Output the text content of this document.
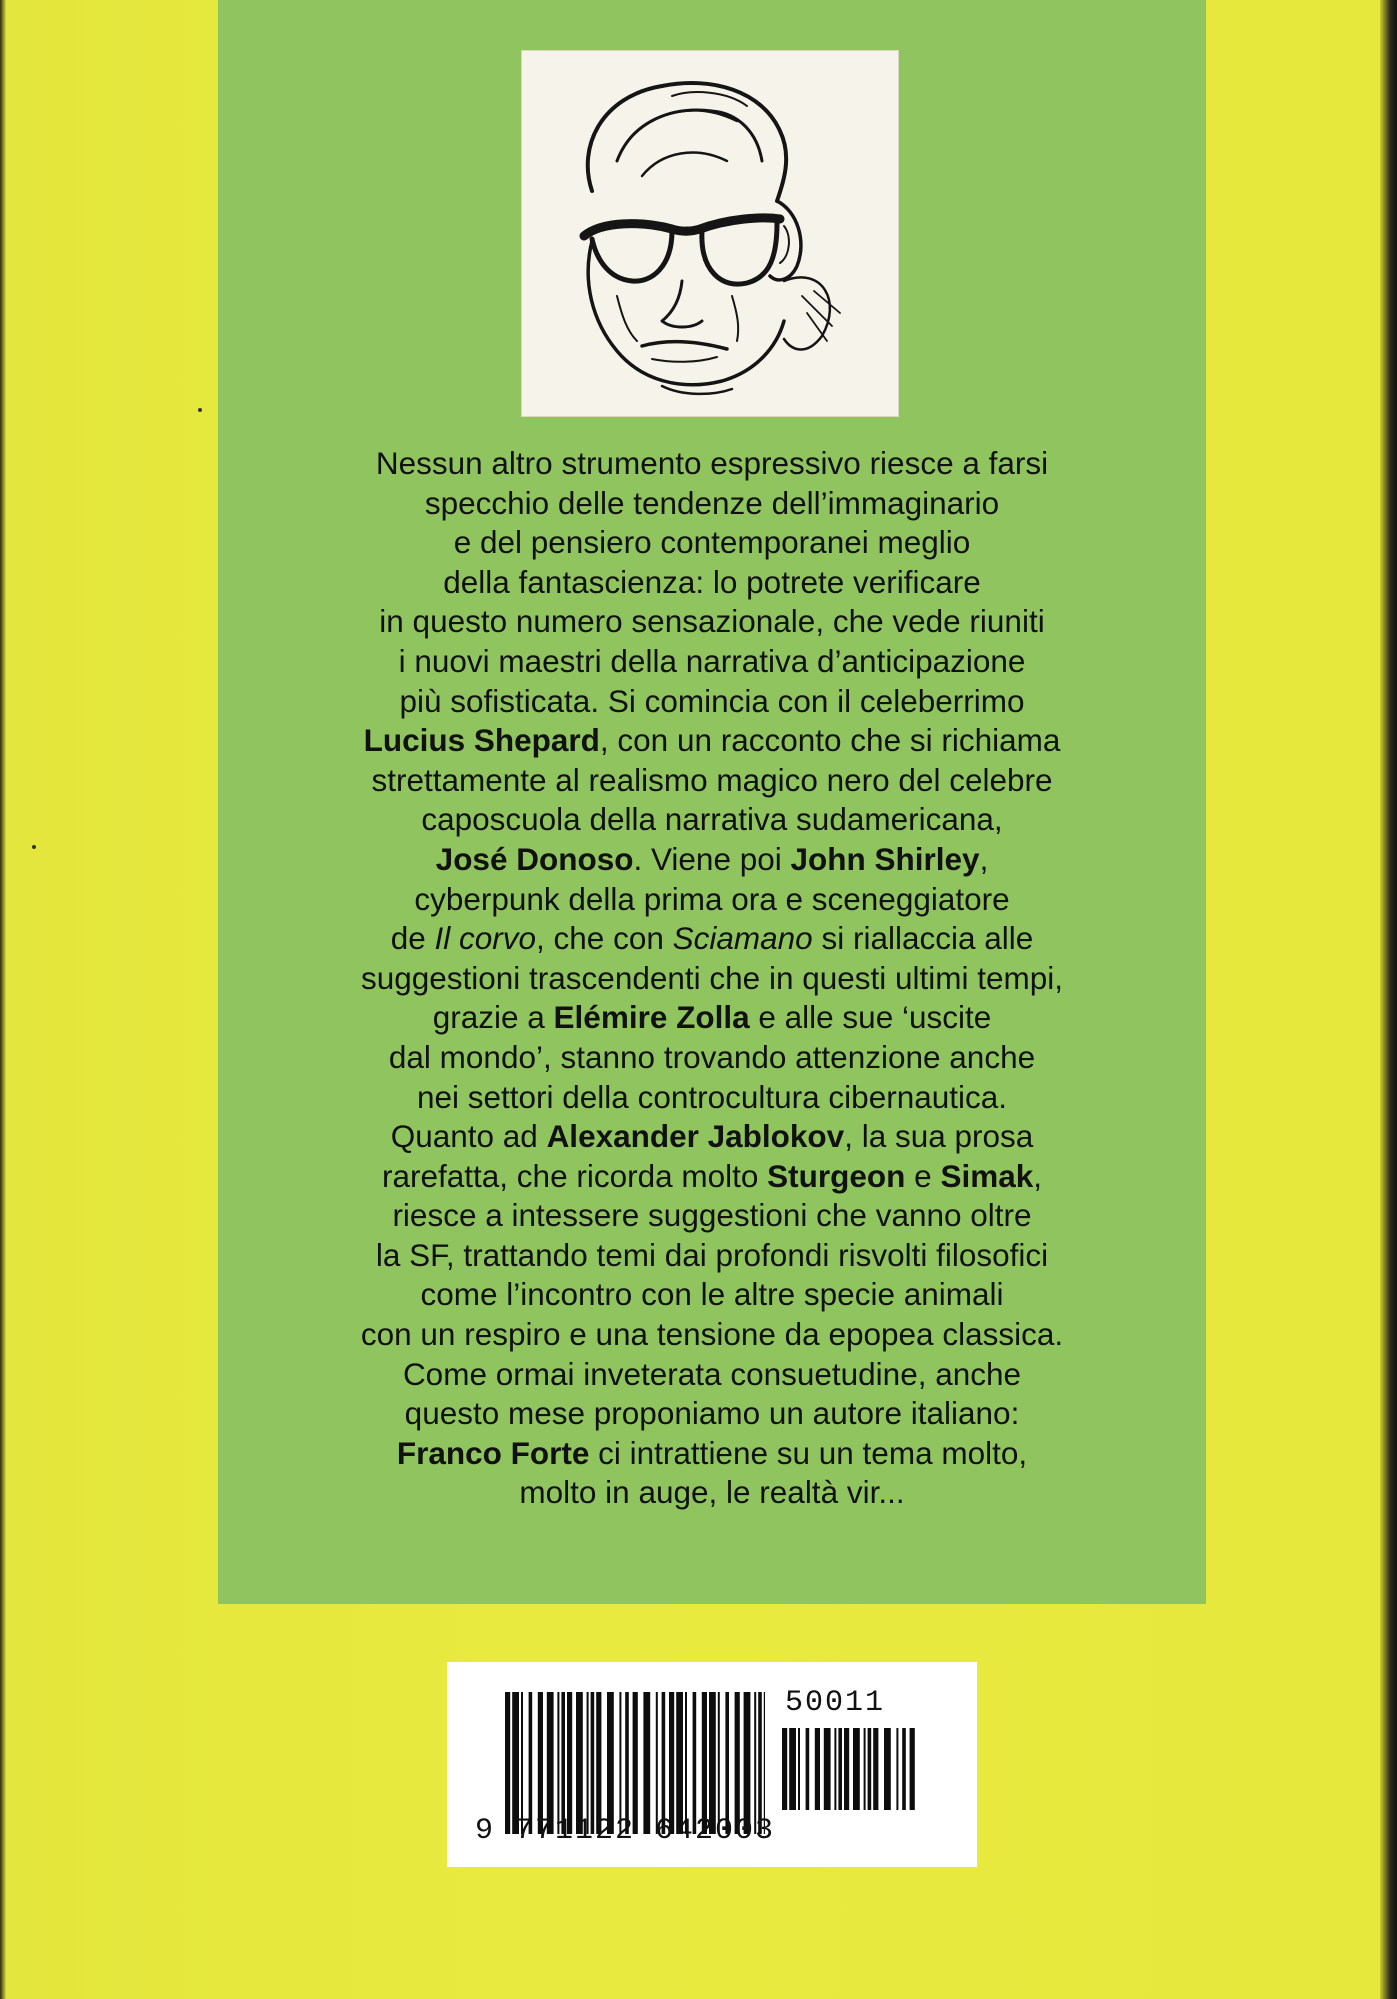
Nessun altro strumento espressivo riesce a farsi
specchio delle tendenze dell’immaginario
e del pensiero contemporanei meglio
della fantascienza: lo potrete verificare
in questo numero sensazionale, che vede riuniti
i nuovi maestri della narrativa d’anticipazione
più sofisticata. Si comincia con il celeberrimo
Lucius Shepard, con un racconto che si richiama
strettamente al realismo magico nero del celebre
caposcuola della narrativa sudamericana,
José Donoso. Viene poi John Shirley,
cyberpunk della prima ora e sceneggiatore
de Il corvo, che con Sciamano si riallaccia alle
suggestioni trascendenti che in questi ultimi tempi,
grazie a Elémire Zolla e alle sue ‘uscite
dal mondo’, stanno trovando attenzione anche
nei settori della controcultura cibernautica.
Quanto ad Alexander Jablokov, la sua prosa
rarefatta, che ricorda molto Sturgeon e Simak,
riesce a intessere suggestioni che vanno oltre
la SF, trattando temi dai profondi risvolti filosofici
come l’incontro con le altre specie animali
con un respiro e una tensione da epopea classica.
Come ormai inveterata consuetudine, anche
questo mese proponiamo un autore italiano:
Franco Forte ci intrattiene su un tema molto,
molto in auge, le realtà vir...

50011
9 771122 642003
